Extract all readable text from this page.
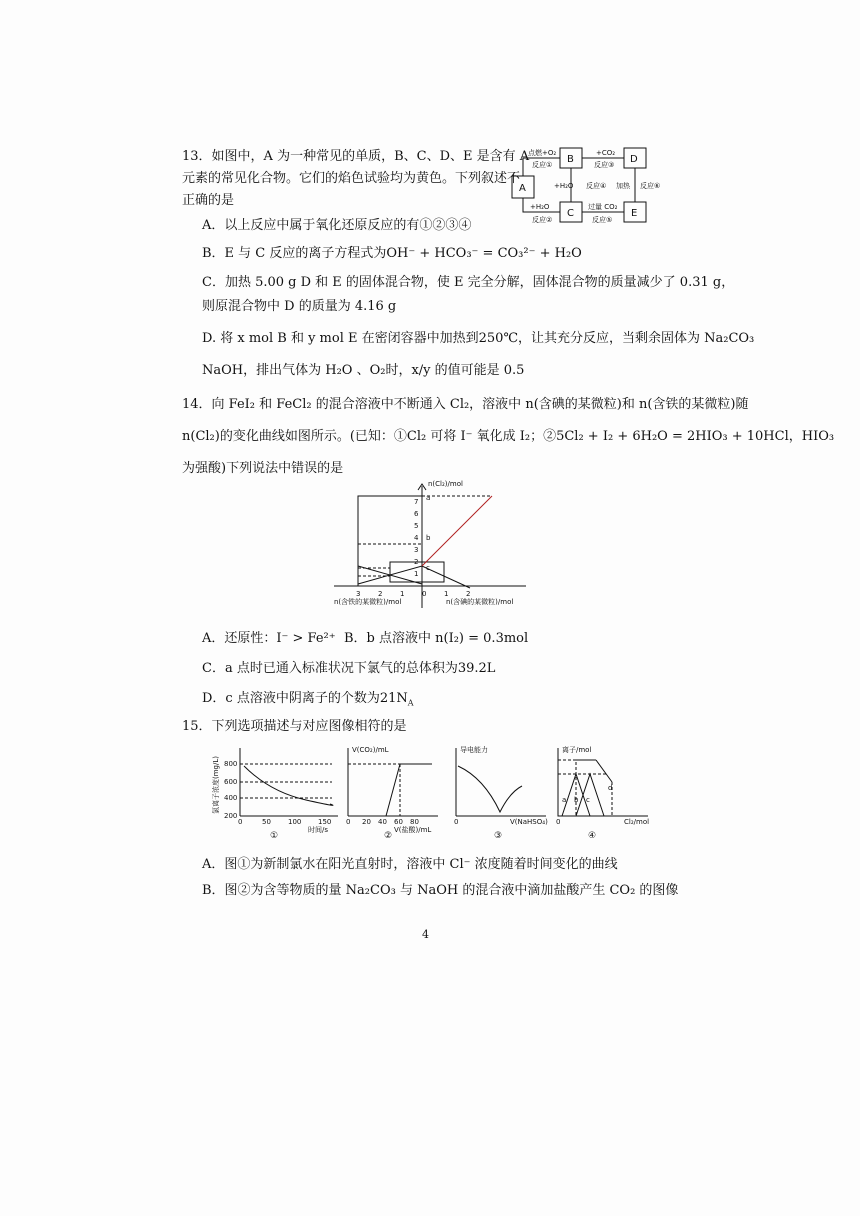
13．如图中，A 为一种常见的单质，B、C、D、E 是含有 A
元素的常见化合物。它们的焰色试验均为黄色。下列叙述不
正确的是
A．以上反应中属于氧化还原反应的有①②③④
B．E 与 C 反应的离子方程式为OH⁻ + HCO₃⁻ = CO₃²⁻ + H₂O
C．加热 5.00 g D 和 E 的固体混合物，使 E 完全分解，固体混合物的质量减少了 0.31 g，
则原混合物中 D 的质量为 4.16 g
D. 将 x mol B 和 y mol E 在密闭容器中加热到250℃，让其充分反应，当剩余固体为 Na₂CO₃
NaOH，排出气体为 H₂O 、O₂时，x/y 的值可能是 0.5
A
B
C
D
E
点燃+O₂
反应①
+CO₂
反应③
+H₂O 反应④
+H₂O
反应②
过量 CO₂
反应⑤
加热 反应⑥
14．向 FeI₂ 和 FeCl₂ 的混合溶液中不断通入 Cl₂，溶液中 n(含碘的某微粒)和 n(含铁的某微粒)随
n(Cl₂)的变化曲线如图所示。(已知：①Cl₂ 可将 I⁻ 氧化成 I₂；②5Cl₂ + I₂ + 6H₂O = 2HIO₃ + 10HCl，HIO₃
为强酸)下列说法中错误的是
n(Cl₂)/mol
n(含铁的某微粒)/mol	n(含碘的某微粒)/mol
1
2
3
4
5
6
7
3	2	1	0	1	2
a
b
c
A．还原性：I⁻ > Fe²⁺ B．b 点溶液中 n(I₂) = 0.3mol
C．a 点时已通入标准状况下氯气的总体积为39.2L
D．c 点溶液中阴离子的个数为$21N_A$
15．下列选项描述与对应图像相符的是
氯离子浓度(mg/L) 800
600
400
200
0	50 100 150
时间/s
①
V(CO₂)/mL
0 20 40 60 80
V(盐酸)/mL
②
导电能力
0	V(NaHSO₄)
③
离子/mol
0	Cl₂/mol
a b c
d
④
A．图①为新制氯水在阳光直射时，溶液中 Cl⁻ 浓度随着时间变化的曲线
B．图②为含等物质的量 Na₂CO₃ 与 NaOH 的混合液中滴加盐酸产生 CO₂ 的图像
4
